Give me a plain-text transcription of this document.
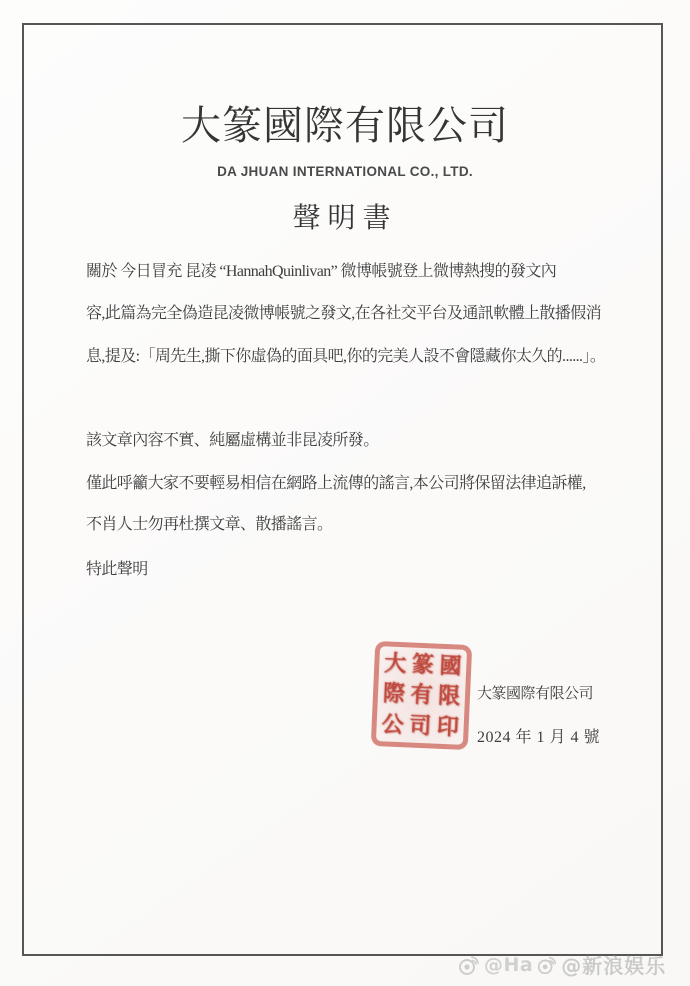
大篆國際有限公司
DA JHUAN INTERNATIONAL CO., LTD.
聲明書
關於 今日冒充 昆凌 “HannahQuinlivan” 微博帳號登上微博熱搜的發文內
容,此篇為完全偽造昆凌微博帳號之發文,在各社交平台及通訊軟體上散播假消
息,提及:「周先生,撕下你虛偽的面具吧,你的完美人設不會隱藏你太久的......」。
該文章內容不實、純屬虛構並非昆凌所發。
僅此呼籲大家不要輕易相信在網路上流傳的謠言,本公司將保留法律追訴權,
不肖人士勿再杜撰文章、散播謠言。
特此聲明
大 篆 國
際 有 限
公 司 印
大篆國際有限公司
2024 年 1 月 4 號
@Ha @新浪娱乐
